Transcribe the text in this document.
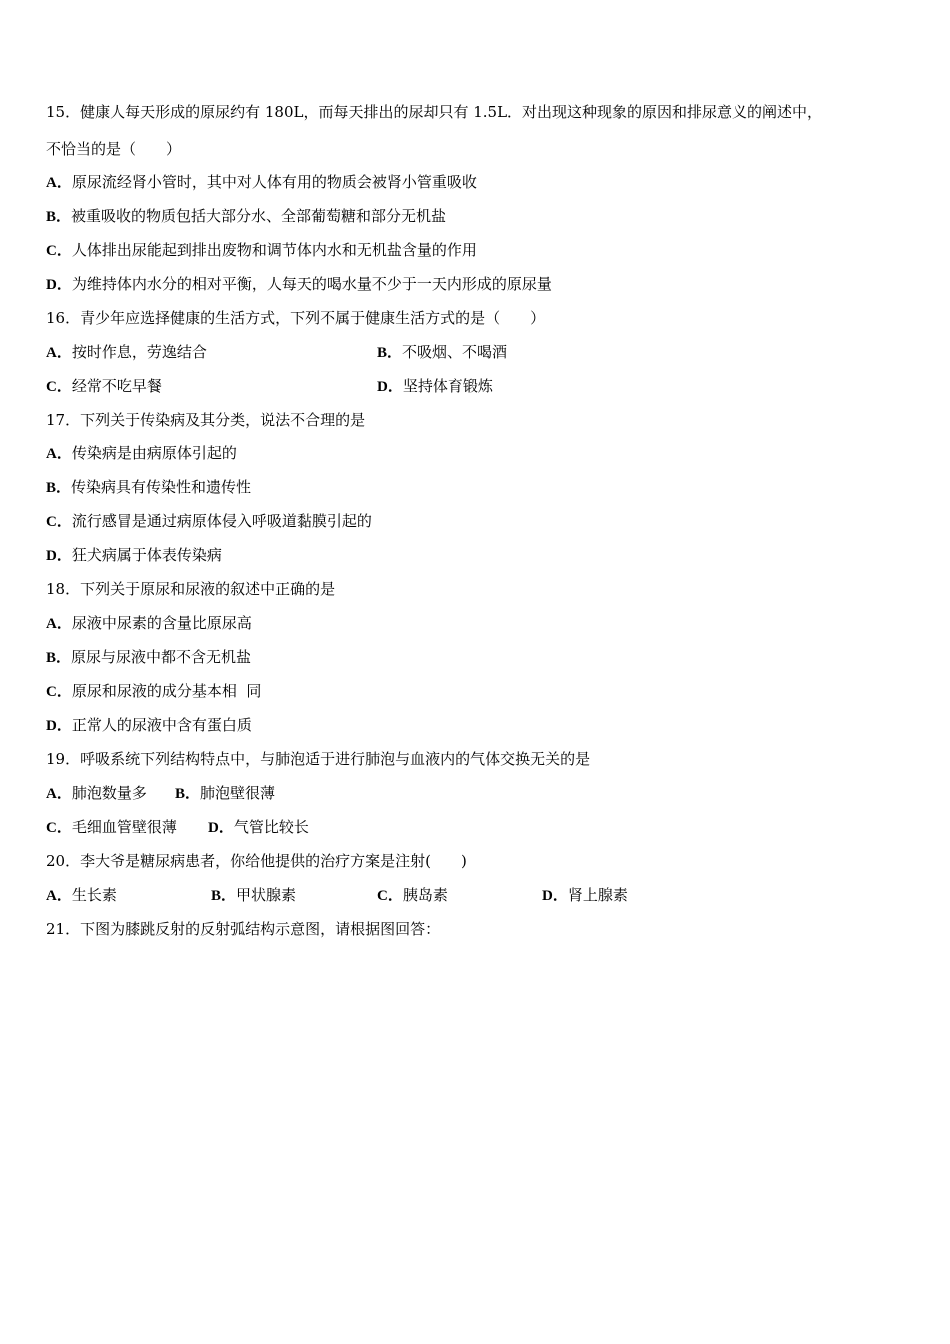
15．健康人每天形成的原尿约有 180L，而每天排出的尿却只有 1.5L．对出现这种现象的原因和排尿意义的阐述中，
不恰当的是（　　）
A．原尿流经肾小管时，其中对人体有用的物质会被肾小管重吸收
B．被重吸收的物质包括大部分水、全部葡萄糖和部分无机盐
C．人体排出尿能起到排出废物和调节体内水和无机盐含量的作用
D．为维持体内水分的相对平衡，人每天的喝水量不少于一天内形成的原尿量
16．青少年应选择健康的生活方式，下列不属于健康生活方式的是（　　）
A．按时作息，劳逸结合	B．不吸烟、不喝酒
C．经常不吃早餐	D．坚持体育锻炼
17．下列关于传染病及其分类，说法不合理的是
A．传染病是由病原体引起的
B．传染病具有传染性和遗传性
C．流行感冒是通过病原体侵入呼吸道黏膜引起的
D．狂犬病属于体表传染病
18．下列关于原尿和尿液的叙述中正确的是
A．尿液中尿素的含量比原尿高
B．原尿与尿液中都不含无机盐
C．原尿和尿液的成分基本相  同
D．正常人的尿液中含有蛋白质
19．呼吸系统下列结构特点中，与肺泡适于进行肺泡与血液内的气体交换无关的是
A．肺泡数量多 B．肺泡壁很薄
C．毛细血管壁很薄 D．气管比较长
20．李大爷是糖尿病患者，你给他提供的治疗方案是注射(　　)
A．生长素	B．甲状腺素	C．胰岛素	D．肾上腺素
21．下图为膝跳反射的反射弧结构示意图，请根据图回答：
